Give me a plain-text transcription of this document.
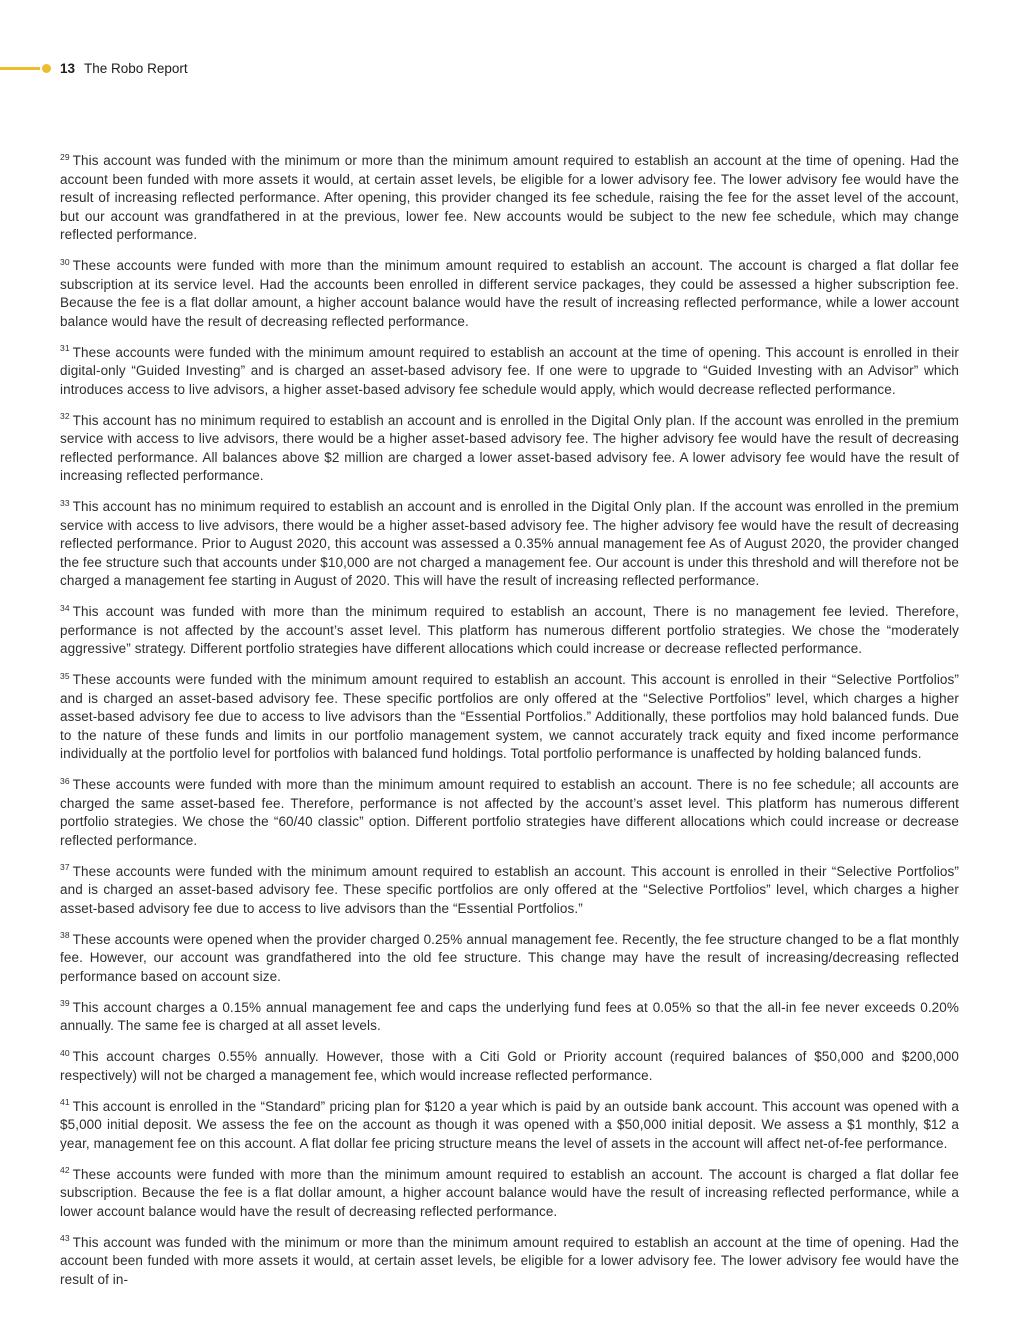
13 The Robo Report

$^{29}$ This account was funded with the minimum or more than the minimum amount required to establish an account at the time of opening. Had the account been funded with more assets it would, at certain asset levels, be eligible for a lower advisory fee. The lower advisory fee would have the result of increasing reflected performance. After opening, this provider changed its fee schedule, raising the fee for the asset level of the account, but our account was grandfathered in at the previous, lower fee. New accounts would be subject to the new fee schedule, which may change reflected performance.

$^{30}$ These accounts were funded with more than the minimum amount required to establish an account. The account is charged a flat dollar fee subscription at its service level. Had the accounts been enrolled in different service packages, they could be assessed a higher subscription fee. Because the fee is a flat dollar amount, a higher account balance would have the result of increasing reflected performance, while a lower account balance would have the result of decreasing reflected performance.

$^{31}$ These accounts were funded with the minimum amount required to establish an account at the time of opening. This account is enrolled in their digital-only “Guided Investing” and is charged an asset-based advisory fee. If one were to upgrade to “Guided Investing with an Advisor” which introduces access to live advisors, a higher asset-based advisory fee schedule would apply, which would decrease reflected performance.

$^{32}$ This account has no minimum required to establish an account and is enrolled in the Digital Only plan. If the account was enrolled in the premium service with access to live advisors, there would be a higher asset-based advisory fee. The higher advisory fee would have the result of decreasing reflected performance. All balances above $2 million are charged a lower asset-based advisory fee. A lower advisory fee would have the result of increasing reflected performance.

$^{33}$ This account has no minimum required to establish an account and is enrolled in the Digital Only plan. If the account was enrolled in the premium service with access to live advisors, there would be a higher asset-based advisory fee. The higher advisory fee would have the result of decreasing reflected performance. Prior to August 2020, this account was assessed a 0.35% annual management fee As of August 2020, the provider changed the fee structure such that accounts under $10,000 are not charged a management fee. Our account is under this threshold and will therefore not be charged a management fee starting in August of 2020. This will have the result of increasing reflected performance.

$^{34}$ This account was funded with more than the minimum required to establish an account, There is no management fee levied. Therefore, performance is not affected by the account’s asset level. This platform has numerous different portfolio strategies. We chose the “moderately aggressive” strategy. Different portfolio strategies have different allocations which could increase or decrease reflected performance.

$^{35}$ These accounts were funded with the minimum amount required to establish an account. This account is enrolled in their “Selective Portfolios” and is charged an asset-based advisory fee. These specific portfolios are only offered at the “Selective Portfolios” level, which charges a higher asset-based advisory fee due to access to live advisors than the “Essential Portfolios.” Additionally, these portfolios may hold balanced funds. Due to the nature of these funds and limits in our portfolio management system, we cannot accurately track equity and fixed income performance individually at the portfolio level for portfolios with balanced fund holdings. Total portfolio performance is unaffected by holding balanced funds.

$^{36}$ These accounts were funded with more than the minimum amount required to establish an account. There is no fee schedule; all accounts are charged the same asset-based fee. Therefore, performance is not affected by the account’s asset level. This platform has numerous different portfolio strategies. We chose the “60/40 classic” option. Different portfolio strategies have different allocations which could increase or decrease reflected performance.

$^{37}$ These accounts were funded with the minimum amount required to establish an account. This account is enrolled in their “Selective Portfolios” and is charged an asset-based advisory fee. These specific portfolios are only offered at the “Selective Portfolios” level, which charges a higher asset-based advisory fee due to access to live advisors than the “Essential Portfolios.”

$^{38}$ These accounts were opened when the provider charged 0.25% annual management fee. Recently, the fee structure changed to be a flat monthly fee. However, our account was grandfathered into the old fee structure. This change may have the result of increasing/decreasing reflected performance based on account size.

$^{39}$ This account charges a 0.15% annual management fee and caps the underlying fund fees at 0.05% so that the all-in fee never exceeds 0.20% annually. The same fee is charged at all asset levels.

$^{40}$ This account charges 0.55% annually. However, those with a Citi Gold or Priority account (required balances of $50,000 and $200,000 respectively) will not be charged a management fee, which would increase reflected performance.

$^{41}$ This account is enrolled in the “Standard” pricing plan for $120 a year which is paid by an outside bank account. This account was opened with a $5,000 initial deposit. We assess the fee on the account as though it was opened with a $50,000 initial deposit. We assess a $1 monthly, $12 a year, management fee on this account. A flat dollar fee pricing structure means the level of assets in the account will affect net-of-fee performance.

$^{42}$ These accounts were funded with more than the minimum amount required to establish an account. The account is charged a flat dollar fee subscription. Because the fee is a flat dollar amount, a higher account balance would have the result of increasing reflected performance, while a lower account balance would have the result of decreasing reflected performance.

$^{43}$ This account was funded with the minimum or more than the minimum amount required to establish an account at the time of opening. Had the account been funded with more assets it would, at certain asset levels, be eligible for a lower advisory fee. The lower advisory fee would have the result of in-
